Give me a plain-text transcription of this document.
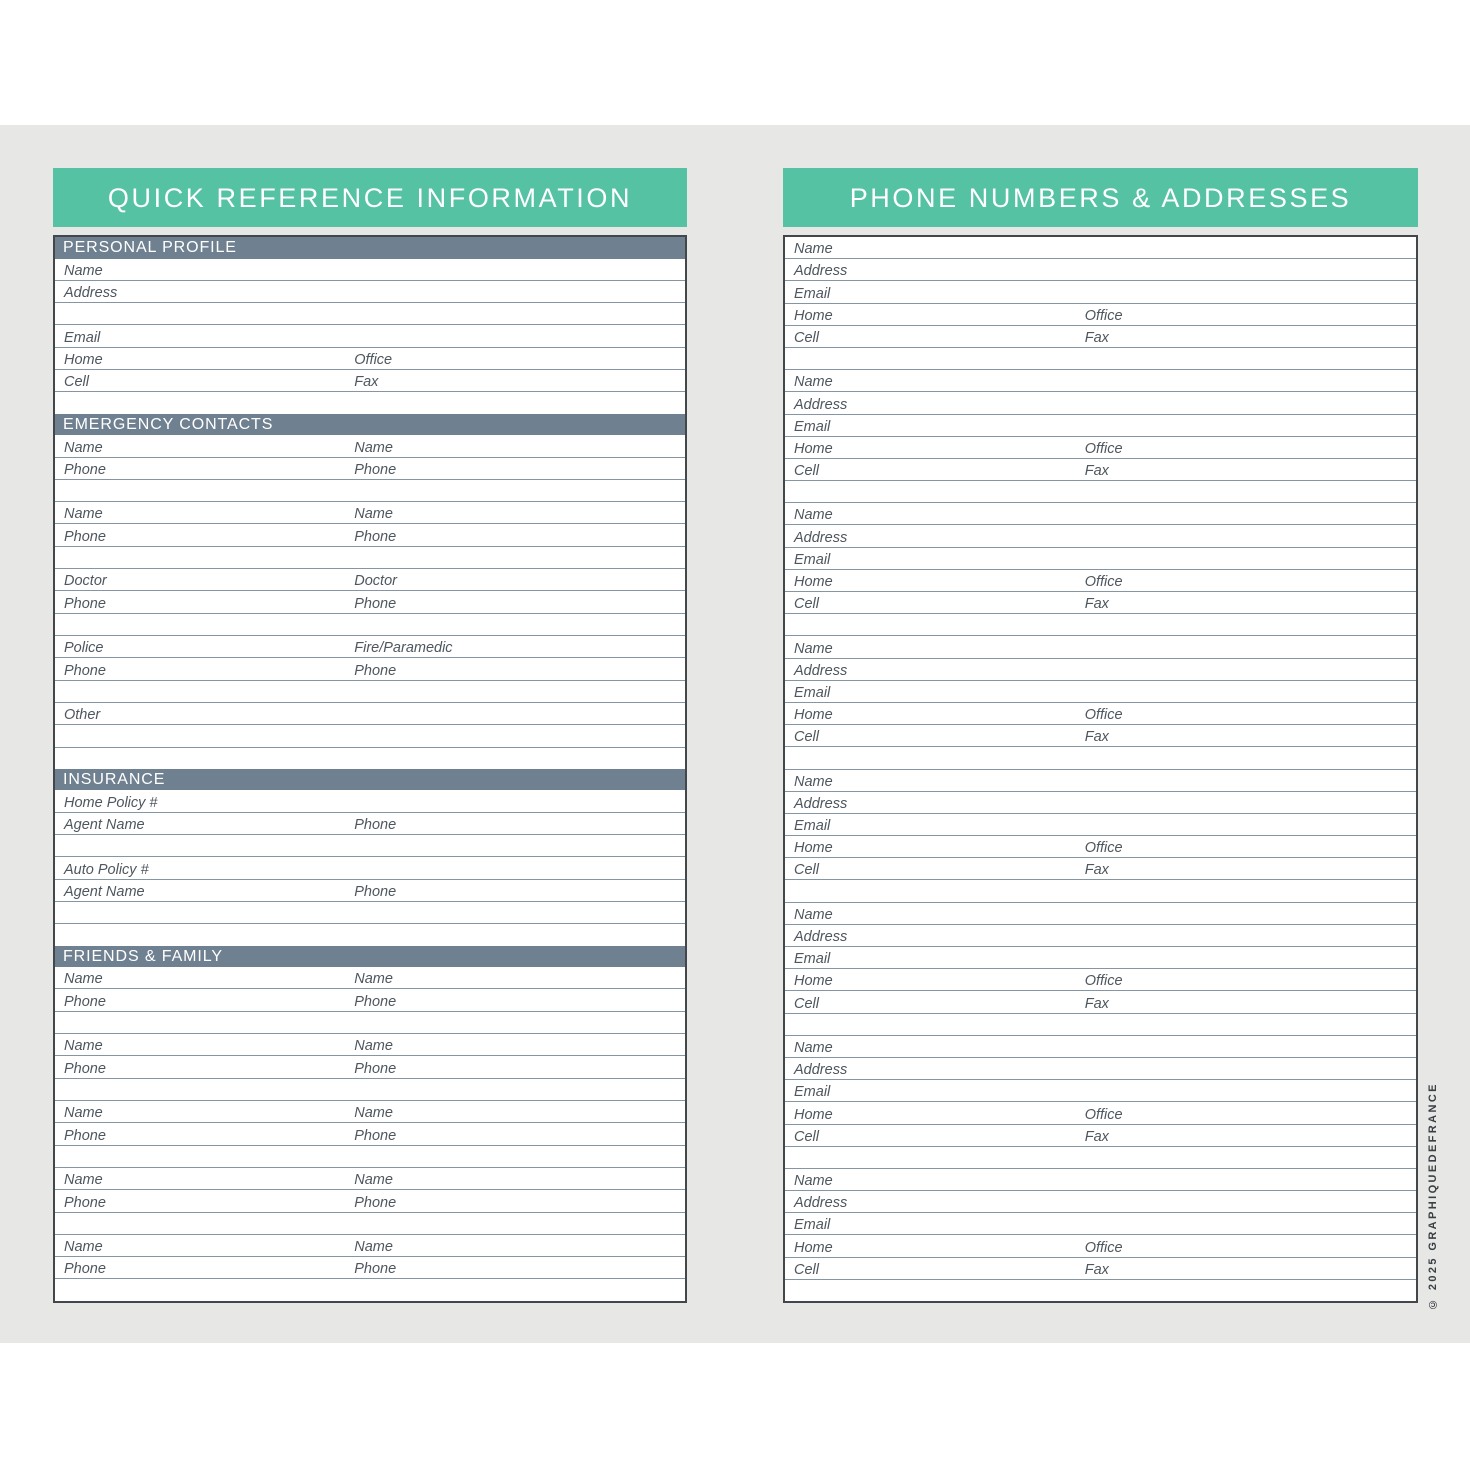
QUICK REFERENCE INFORMATION
PERSONAL PROFILE
Name
Address
Email
Home	Office
Cell	Fax
EMERGENCY CONTACTS
Name	Name
Phone	Phone
Name	Name
Phone	Phone
Doctor	Doctor
Phone	Phone
Police	Fire/Paramedic
Phone	Phone
Other
INSURANCE
Home Policy #
Agent Name	Phone
Auto Policy #
Agent Name	Phone
FRIENDS & FAMILY
Name	Name
Phone	Phone
Name	Name
Phone	Phone
Name	Name
Phone	Phone
Name	Name
Phone	Phone
Name	Name
Phone	Phone
PHONE NUMBERS & ADDRESSES
Name
Address
Email
Home	Office
Cell	Fax
Name
Address
Email
Home	Office
Cell	Fax
Name
Address
Email
Home	Office
Cell	Fax
Name
Address
Email
Home	Office
Cell	Fax
Name
Address
Email
Home	Office
Cell	Fax
Name
Address
Email
Home	Office
Cell	Fax
Name
Address
Email
Home	Office
Cell	Fax
Name
Address
Email
Home	Office
Cell	Fax	© 2025 GRAPHIQUEDEFRANCE
